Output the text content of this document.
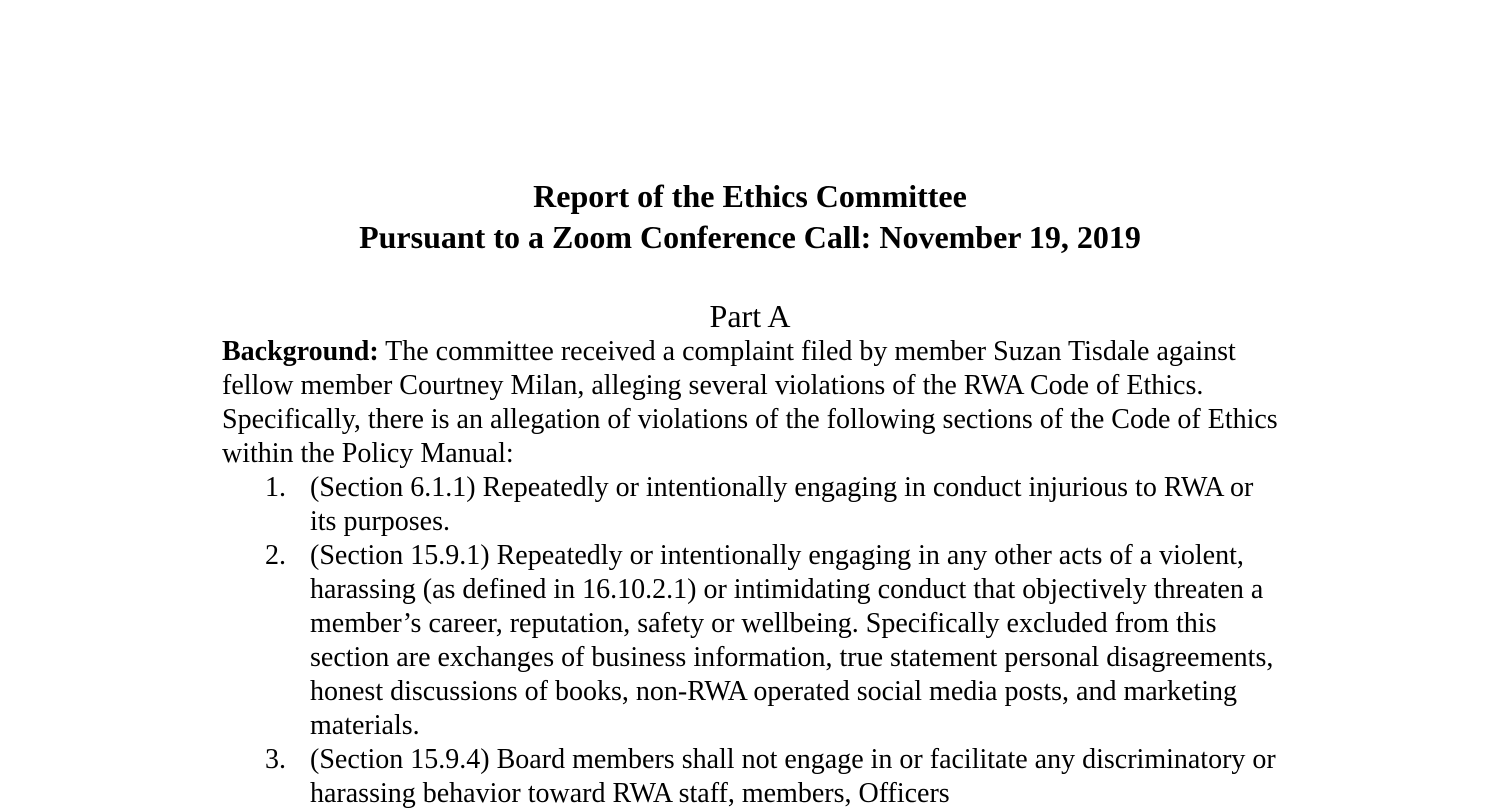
Report of the Ethics Committee
Pursuant to a Zoom Conference Call: November 19, 2019
Part A

Background: The committee received a complaint filed by member Suzan Tisdale against fellow member Courtney Milan, alleging several violations of the RWA Code of Ethics. Specifically, there is an allegation of violations of the following sections of the Code of Ethics within the Policy Manual:

1. (Section 6.1.1) Repeatedly or intentionally engaging in conduct injurious to RWA or its purposes.
2. (Section 15.9.1) Repeatedly or intentionally engaging in any other acts of a violent, harassing (as defined in 16.10.2.1) or intimidating conduct that objectively threaten a member’s career, reputation, safety or wellbeing. Specifically excluded from this section are exchanges of business information, true statement personal disagreements, honest discussions of books, non-RWA operated social media posts, and marketing materials.
3. (Section 15.9.4) Board members shall not engage in or facilitate any discriminatory or harassing behavior toward RWA staff, members, Officers
